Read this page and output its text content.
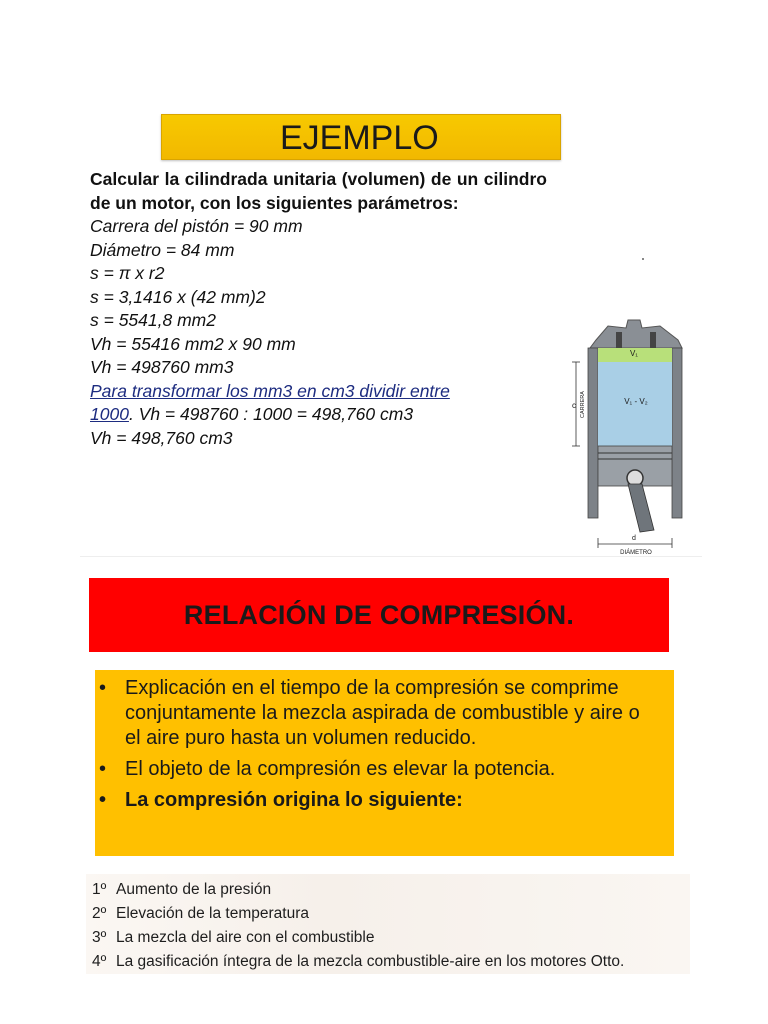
EJEMPLO
Calcular la cilindrada unitaria (volumen) de un cilindro de un motor, con los siguientes parámetros:
Carrera del pistón = 90 mm
Diámetro = 84 mm
s = π x r2
s = 3,1416 x (42 mm)2
s = 5541,8 mm2
Vh = 55416 mm2 x 90 mm
Vh = 498760 mm3
Para transformar los mm3 en cm3 dividir entre
1000. Vh = 498760 : 1000 = 498,760 cm3
Vh = 498,760 cm3
V₁
V₁ - V₂
c CARRERA
d
DIÁMETRO
RELACIÓN DE COMPRESIÓN.
• Explicación en el tiempo de la compresión se comprime conjuntamente la mezcla aspirada de combustible y aire o el aire puro hasta un volumen reducido.
• El objeto de la compresión es elevar la potencia.
• La compresión origina lo siguiente:
1º Aumento de la presión
2º Elevación de la temperatura
3º La mezcla del aire con el combustible
4º La gasificación íntegra de la mezcla combustible-aire en los motores Otto.
